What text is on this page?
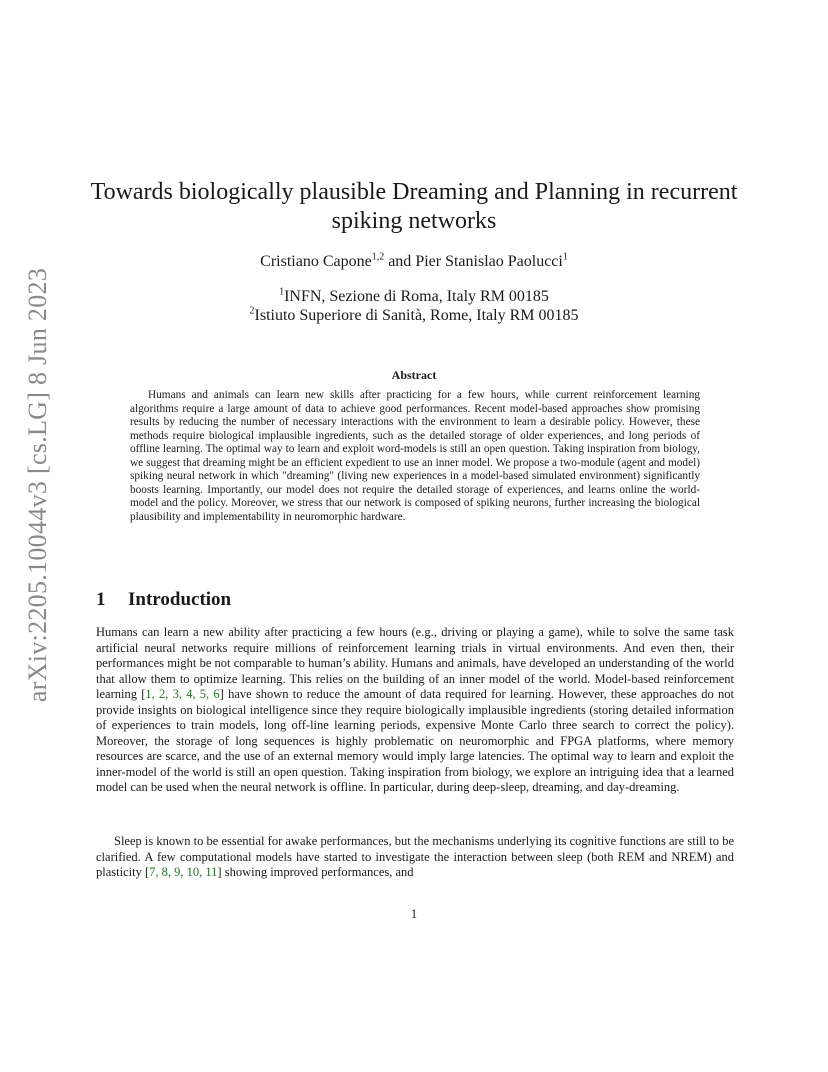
arXiv:2205.10044v3 [cs.LG] 8 Jun 2023
Towards biologically plausible Dreaming and Planning in recurrent spiking networks
Cristiano Capone$^{1,2}$ and Pier Stanislao Paolucci$^1$
$^1$INFN, Sezione di Roma, Italy RM 00185
$^2$Istiuto Superiore di Sanità, Rome, Italy RM 00185
Abstract

Humans and animals can learn new skills after practicing for a few hours, while current reinforcement learning algorithms require a large amount of data to achieve good performances. Recent model-based approaches show promising results by reducing the number of necessary interactions with the environment to learn a desirable policy. However, these methods require biological implausible ingredients, such as the detailed storage of older experiences, and long periods of offline learning. The optimal way to learn and exploit word-models is still an open question. Taking inspiration from biology, we suggest that dreaming might be an efficient expedient to use an inner model. We propose a two-module (agent and model) spiking neural network in which "dreaming" (living new experiences in a model-based simulated environment) significantly boosts learning. Importantly, our model does not require the detailed storage of experiences, and learns online the world-model and the policy. Moreover, we stress that our network is composed of spiking neurons, further increasing the biological plausibility and implementability in neuromorphic hardware.

1 Introduction

Humans can learn a new ability after practicing a few hours (e.g., driving or playing a game), while to solve the same task artificial neural networks require millions of reinforcement learning trials in virtual environments. And even then, their performances might be not comparable to human’s ability. Humans and animals, have developed an understanding of the world that allow them to optimize learning. This relies on the building of an inner model of the world. Model-based reinforcement learning [1, 2, 3, 4, 5, 6] have shown to reduce the amount of data required for learning. However, these approaches do not provide insights on biological intelligence since they require biologically implausible ingredients (storing detailed information of experiences to train models, long off-line learning periods, expensive Monte Carlo three search to correct the policy). Moreover, the storage of long sequences is highly problematic on neuromorphic and FPGA platforms, where memory resources are scarce, and the use of an external memory would imply large latencies. The optimal way to learn and exploit the inner-model of the world is still an open question. Taking inspiration from biology, we explore an intriguing idea that a learned model can be used when the neural network is offline. In particular, during deep-sleep, dreaming, and day-dreaming.

Sleep is known to be essential for awake performances, but the mechanisms underlying its cognitive functions are still to be clarified. A few computational models have started to investigate the interaction between sleep (both REM and NREM) and plasticity [7, 8, 9, 10, 11] showing improved performances, and

1
